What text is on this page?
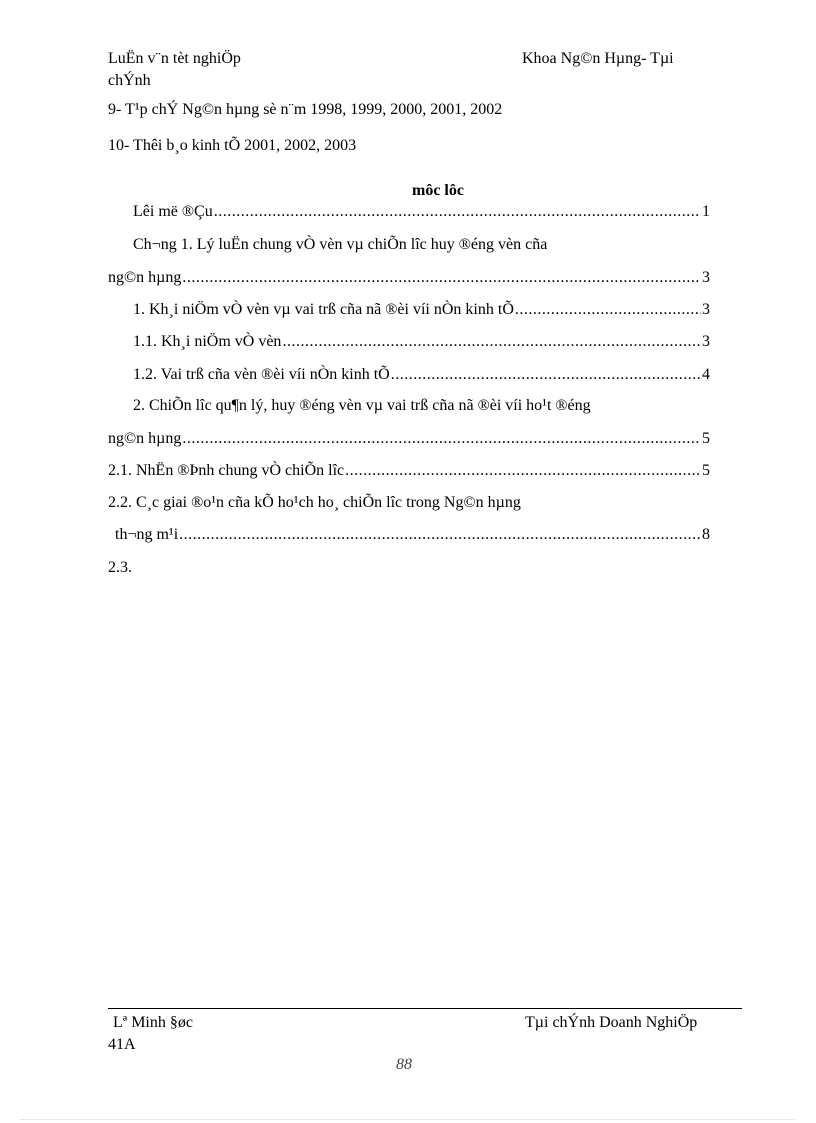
LuËn v¨n tèt nghiÖp
chÝnh
Khoa Ng©n Hµng- Tµi
9- T¹p chÝ Ng©n hµng sè n¨m 1998, 1999, 2000, 2001, 2002
10- Thêi b¸o kinh tÕ 2001, 2002, 2003
môc lôc
Lêi më ®Çu .....	1
Ch¬ng 1. Lý luËn chung vÒ vèn vµ chiÕn lîc huy ®éng vèn cña
ng©n hµng .....	3
1. Kh¸i niÖm vÒ vèn vµ vai trß cña nã ®èi víi nÒn kinh tÕ .....	3
1.1. Kh¸i niÖm vÒ vèn .....	3
1.2. Vai trß cña vèn ®èi víi nÒn kinh tÕ .....	4
2. ChiÕn lîc qu¶n lý, huy ®éng vèn vµ vai trß cña nã ®èi víi ho¹t ®éng
ng©n hµng .....	5
2.1. NhËn ®Þnh chung vÒ chiÕn lîc .....	5
2.2. C¸c giai ®o¹n cña kÕ ho¹ch ho¸ chiÕn lîc trong Ng©n hµng
th¬ng m¹i .....	8
2.3.
Lª Minh §øc
41A
Tµi chÝnh Doanh NghiÖp
88
